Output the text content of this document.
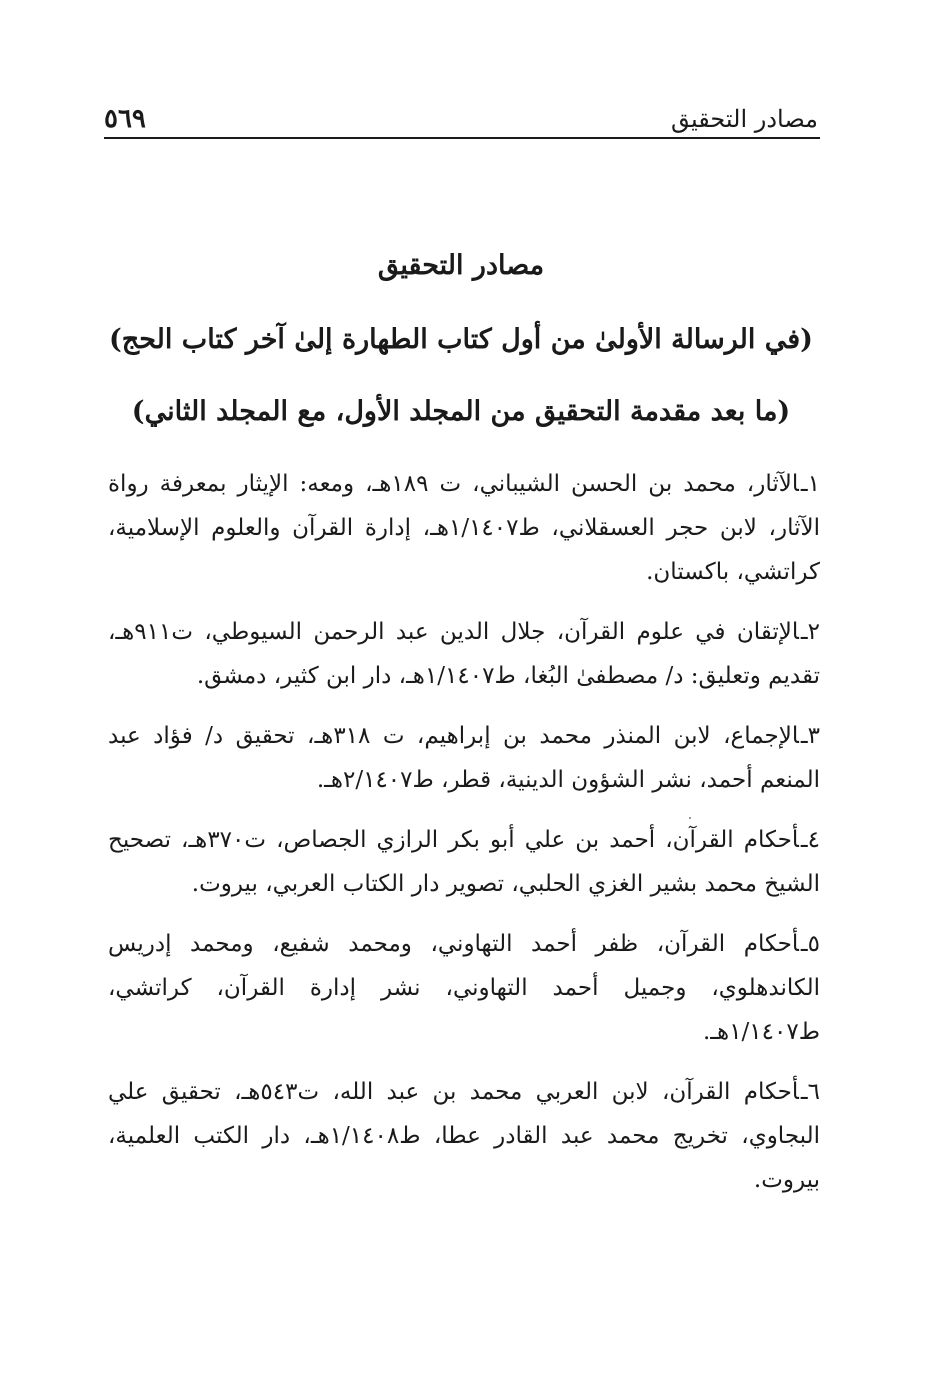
مصادر التحقيق
٥٦٩
مصادر التحقيق
(في الرسالة الأولىٰ من أول كتاب الطهارة إلىٰ آخر كتاب الحج)
(ما بعد مقدمة التحقيق من المجلد الأول، مع المجلد الثاني)

١ـالآثار، محمد بن الحسن الشيباني، ت ١٨٩هـ، ومعه: الإيثار بمعرفة رواة الآثار، لابن حجر العسقلاني، ط١/١٤٠٧هـ، إدارة القرآن والعلوم الإسلامية، كراتشي، باكستان.

٢ـالإتقان في علوم القرآن، جلال الدين عبد الرحمن السيوطي، ت٩١١هـ، تقديم وتعليق: د/ مصطفىٰ البُغا، ط١/١٤٠٧هـ، دار ابن كثير، دمشق.

٣ـالإجماع، لابن المنذر محمد بن إبراهيم، ت ٣١٨هـ، تحقيق د/ فؤاد عبد المنعم أحمد، نشر الشؤون الدينية، قطر، ط٢/١٤٠٧هـ.

٤ـأحكام القرآن، أحمد بن علي أبو بكر الرازي الجصاص، ت٣٧٠هـ، تصحيح الشيخ محمد بشير الغزي الحلبي، تصوير دار الكتاب العربي، بيروت.

٥ـأحكام القرآن، ظفر أحمد التهاوني، ومحمد شفيع، ومحمد إدريس الكاندهلوي، وجميل أحمد التهاوني، نشر إدارة القرآن، كراتشي، ط١/١٤٠٧هـ.

٦ـأحكام القرآن، لابن العربي محمد بن عبد الله، ت٥٤٣هـ، تحقيق علي البجاوي، تخريج محمد عبد القادر عطا، ط١/١٤٠٨هـ، دار الكتب العلمية، بيروت.
